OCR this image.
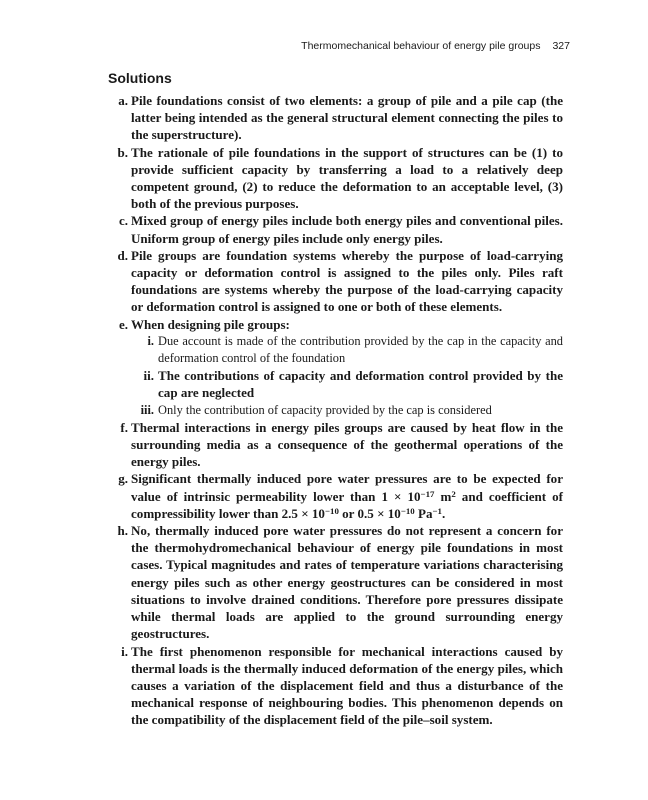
Thermomechanical behaviour of energy pile groups 327
Solutions
a. Pile foundations consist of two elements: a group of pile and a pile cap (the latter being intended as the general structural element connecting the piles to the superstructure).
b. The rationale of pile foundations in the support of structures can be (1) to provide sufficient capacity by transferring a load to a relatively deep competent ground, (2) to reduce the deformation to an acceptable level, (3) both of the previous purposes.
c. Mixed group of energy piles include both energy piles and conventional piles. Uniform group of energy piles include only energy piles.
d. Pile groups are foundation systems whereby the purpose of load-carrying capacity or deformation control is assigned to the piles only. Piles raft foundations are systems whereby the purpose of the load-carrying capacity or deformation control is assigned to one or both of these elements.
e. When designing pile groups:
i. Due account is made of the contribution provided by the cap in the capacity and deformation control of the foundation
ii. The contributions of capacity and deformation control provided by the cap are neglected
iii. Only the contribution of capacity provided by the cap is considered
f. Thermal interactions in energy piles groups are caused by heat flow in the surrounding media as a consequence of the geothermal operations of the energy piles.
g. Significant thermally induced pore water pressures are to be expected for value of intrinsic permeability lower than $1 \times 10^{-17}$ $m^2$ and coefficient of compressibility lower than $2.5 \times 10^{-10}$ or $0.5 \times 10^{-10}$ $Pa^{-1}$.
h. No, thermally induced pore water pressures do not represent a concern for the thermohydromechanical behaviour of energy pile foundations in most cases. Typical magnitudes and rates of temperature variations characterising energy piles such as other energy geostructures can be considered in most situations to involve drained conditions. Therefore pore pressures dissipate while thermal loads are applied to the ground surrounding energy geostructures.
i. The first phenomenon responsible for mechanical interactions caused by thermal loads is the thermally induced deformation of the energy piles, which causes a variation of the displacement field and thus a disturbance of the mechanical response of neighbouring bodies. This phenomenon depends on the compatibility of the displacement field of the pile–soil system.
